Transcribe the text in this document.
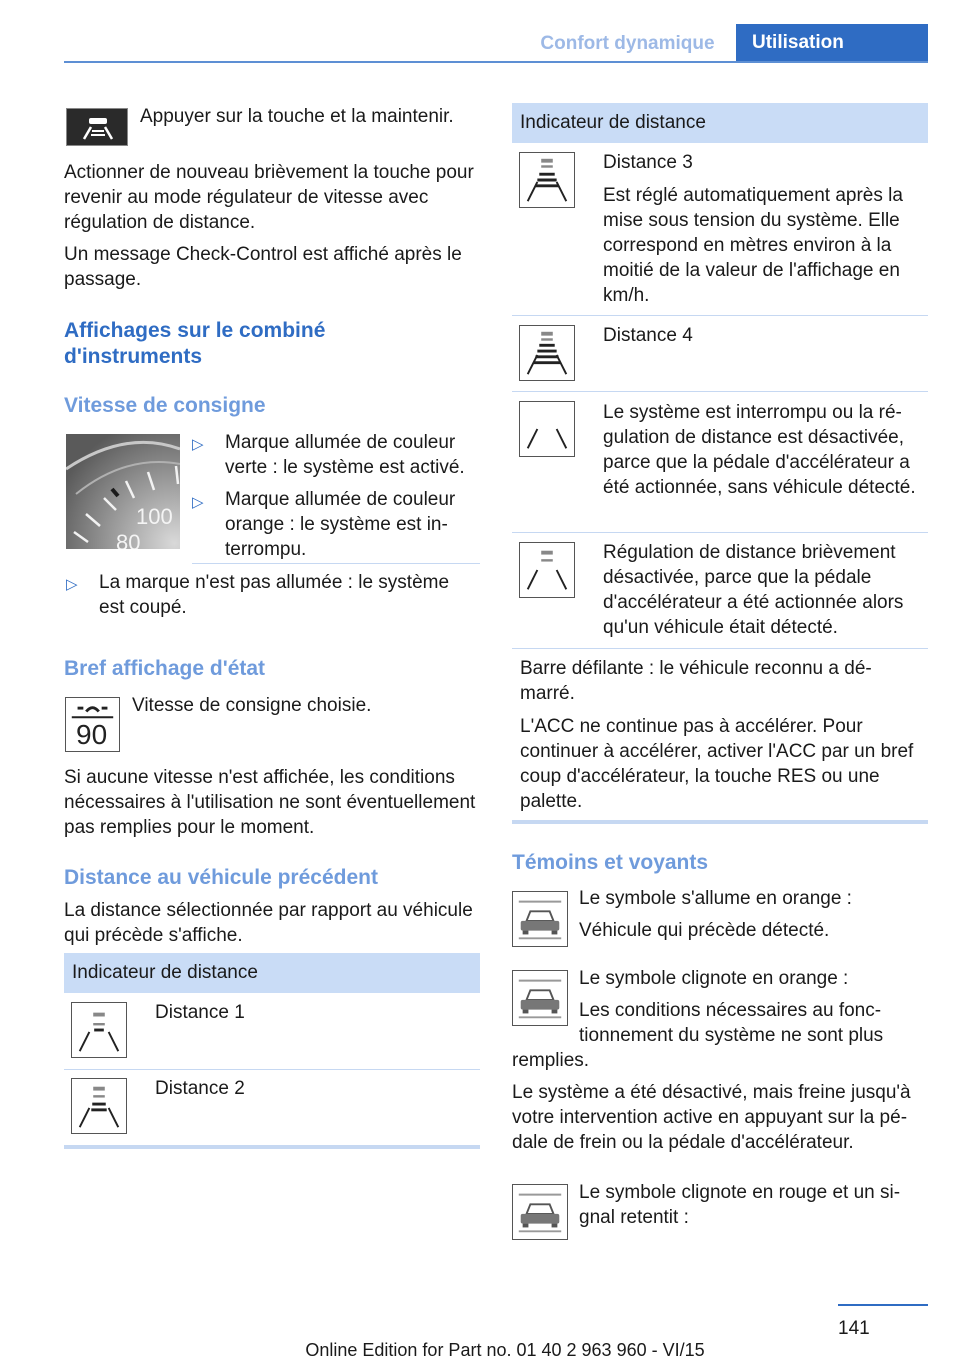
Confort dynamique	Utilisation

Appuyer sur la touche et la maintenir.

Actionner de nouveau brièvement la touche pour revenir au mode régulateur de vitesse avec régulation de distance.

Un message Check-Control est affiché après le passage.

Affichages sur le combiné d'instruments

Vitesse de consigne

100
80
▷ Marque allumée de couleur verte : le système est activé.

▷ Marque allumée de couleur orange : le système est interrompu.

▷ La marque n'est pas allumée : le système est coupé.

Bref affichage d'état

90

Vitesse de consigne choisie.

Si aucune vitesse n'est affichée, les conditions nécessaires à l'utilisation ne sont éventuellement pas remplies pour le moment.

Distance au véhicule précédent

La distance sélectionnée par rapport au véhicule qui précède s'affiche.

Indicateur de distance

Distance 1

Distance 2

Indicateur de distance

Distance 3

Est réglé automatiquement après la mise sous tension du système. Elle correspond en mètres environ à la moitié de la valeur de l'affichage en km/h.

Distance 4

Le système est interrompu ou la régulation de distance est désactivée, parce que la pédale d'accélérateur a été actionnée, sans véhicule détecté.

Régulation de distance brièvement désactivée, parce que la pédale d'accélérateur a été actionnée alors qu'un véhicule était détecté.

Barre défilante : le véhicule reconnu a démarré.

L'ACC ne continue pas à accélérer. Pour continuer à accélérer, activer l'ACC par un bref coup d'accélérateur, la touche RES ou une palette.

Témoins et voyants

Le symbole s'allume en orange :

Véhicule qui précède détecté.

Le symbole clignote en orange :

Les conditions nécessaires au fonctionnement du système ne sont plus

remplies.

Le système a été désactivé, mais freine jusqu'à votre intervention active en appuyant sur la pédale de frein ou la pédale d'accélérateur.

Le symbole clignote en rouge et un signal retentit :

141
Online Edition for Part no. 01 40 2 963 960 - VI/15
